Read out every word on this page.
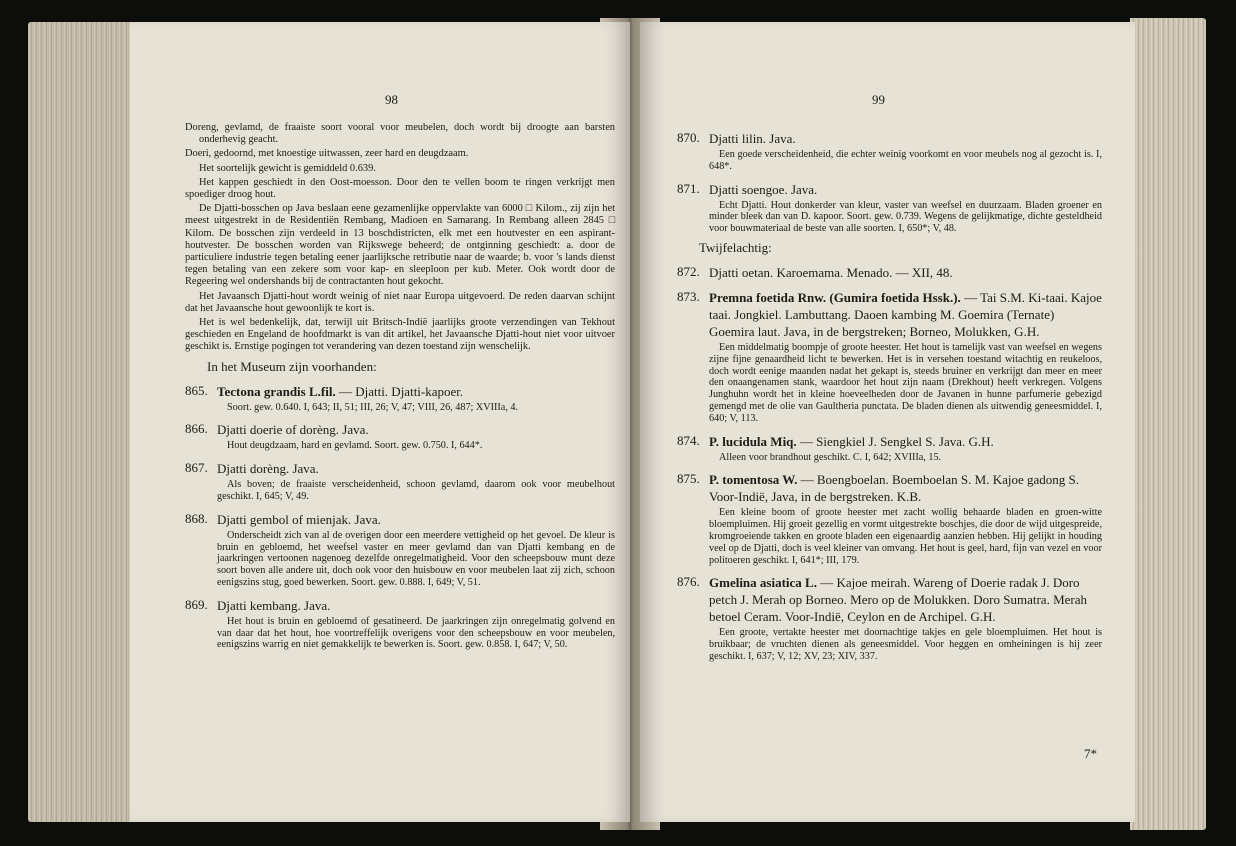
98

Doreng, gevlamd, de fraaiste soort vooral voor meubelen, doch wordt bij droogte aan barsten onderhevig geacht.

Doeri, gedoornd, met knoestige uitwassen, zeer hard en deugdzaam.

Het soortelijk gewicht is gemiddeld 0.639.

Het kappen geschiedt in den Oost-moesson. Door den te vellen boom te ringen verkrijgt men spoediger droog hout.

De Djatti-bosschen op Java beslaan eene gezamenlijke oppervlakte van 6000 □ Kilom., zij zijn het meest uitgestrekt in de Residentiën Rembang, Madioen en Samarang. In Rembang alleen 2845 □ Kilom. De bosschen zijn verdeeld in 13 boschdistricten, elk met een houtvester en een aspirant-houtvester. De bosschen worden van Rijkswege beheerd; de ontginning geschiedt: a. door de particuliere industrie tegen betaling eener jaarlijksche retributie naar de waarde; b. voor 's lands dienst tegen betaling van een zekere som voor kap- en sleeploon per kub. Meter. Ook wordt door de Regeering wel ondershands bij de contractanten hout gekocht.

Het Javaansch Djatti-hout wordt weinig of niet naar Europa uitgevoerd. De reden daarvan schijnt dat het Javaansche hout gewoonlijk te kort is.

Het is wel bedenkelijk, dat, terwijl uit Britsch-Indië jaarlijks groote verzendingen van Tekhout geschieden en Engeland de hoofdmarkt is van dit artikel, het Javaansche Djatti-hout niet voor uitvoer geschikt is. Ernstige pogingen tot verandering van dezen toestand zijn wenschelijk.

In het Museum zijn voorhanden:

865. Tectona grandis L.fil. — Djatti. Djatti-kapoer.

Soort. gew. 0.640. I, 643; II, 51; III, 26; V, 47; VIII, 26, 487; XVIIIa, 4.

866. Djatti doerie of dorèng. Java.

Hout deugdzaam, hard en gevlamd. Soort. gew. 0.750. I, 644*.

867. Djatti dorèng. Java.

Als boven; de fraaiste verscheidenheid, schoon gevlamd, daarom ook voor meubelhout geschikt. I, 645; V, 49.

868. Djatti gembol of mienjak. Java.

Onderscheidt zich van al de overigen door een meerdere vettigheid op het gevoel. De kleur is bruin en gebloemd, het weefsel vaster en meer gevlamd dan van Djatti kembang en de jaarkringen vertoonen nagenoeg dezelfde onregelmatigheid. Voor den scheepsbouw munt deze soort boven alle andere uit, doch ook voor den huisbouw en voor meubelen laat zij zich, schoon eenigszins stug, goed bewerken. Soort. gew. 0.888. I, 649; V, 51.

869. Djatti kembang. Java.

Het hout is bruin en gebloemd of gesatineerd. De jaarkringen zijn onregelmatig golvend en van daar dat het hout, hoe voortreffelijk overigens voor den scheepsbouw en voor meubelen, eenigszins warrig en niet gemakkelijk te bewerken is. Soort. gew. 0.858. I, 647; V, 50.

99
870. Djatti lilin. Java.

Een goede verscheidenheid, die echter weinig voorkomt en voor meubels nog al gezocht is. I, 648*.

871. Djatti soengoe. Java.

Echt Djatti. Hout donkerder van kleur, vaster van weefsel en duurzaam. Bladen groener en minder bleek dan van D. kapoor. Soort. gew. 0.739. Wegens de gelijkmatige, dichte gesteldheid voor bouwmateriaal de beste van alle soorten. I, 650*; V, 48.

Twijfelachtig:

872. Djatti oetan. Karoemama. Menado. — XII, 48.

873. Premna foetida Rnw. (Gumira foetida Hssk.). — Tai S.M. Ki-taai. Kajoe taai. Jongkiel. Lambuttang. Daoen kambing M. Goemira (Ternate) Goemira laut. Java, in de bergstreken; Borneo, Molukken, G.H.

Een middelmatig boompje of groote heester. Het hout is tamelijk vast van weefsel en wegens zijne fijne genaardheid licht te bewerken. Het is in versehen toestand witachtig en reukeloos, doch wordt eenige maanden nadat het gekapt is, steeds bruiner en verkrijgt dan meer en meer den onaangenamen stank, waardoor het hout zijn naam (Drekhout) heeft verkregen. Volgens Junghuhn wordt het in kleine hoeveelheden door de Javanen in hunne parfumerie gebezigd gemengd met de olie van Gaultheria punctata. De bladen dienen als uitwendig geneesmiddel. I, 640; V, 113.

874. P. lucidula Miq. — Siengkiel J. Sengkel S. Java. G.H.

Alleen voor brandhout geschikt. C. I, 642; XVIIIa, 15.

875. P. tomentosa W. — Boengboelan. Boemboelan S. M. Kajoe gadong S. Voor-Indië, Java, in de bergstreken. K.B.

Een kleine boom of groote heester met zacht wollig behaarde bladen en groen-witte bloempluimen. Hij groeit gezellig en vormt uitgestrekte boschjes, die door de wijd uitgespreide, kromgroeiende takken en groote bladen een eigenaardig aanzien hebben. Hij gelijkt in houding veel op de Djatti, doch is veel kleiner van omvang. Het hout is geel, hard, fijn van vezel en voor politoeren geschikt. I, 641*; III, 179.

876. Gmelina asiatica L. — Kajoe meirah. Wareng of Doerie radak J. Doro petch J. Merah op Borneo. Mero op de Molukken. Doro Sumatra. Merah betoel Ceram. Voor-Indië, Ceylon en de Archipel. G.H.

Een groote, vertakte heester met doornachtige takjes en gele bloempluimen. Het hout is bruikbaar; de vruchten dienen als geneesmiddel. Voor heggen en omheiningen is hij zeer geschikt. I, 637; V, 12; XV, 23; XIV, 337.

7*
